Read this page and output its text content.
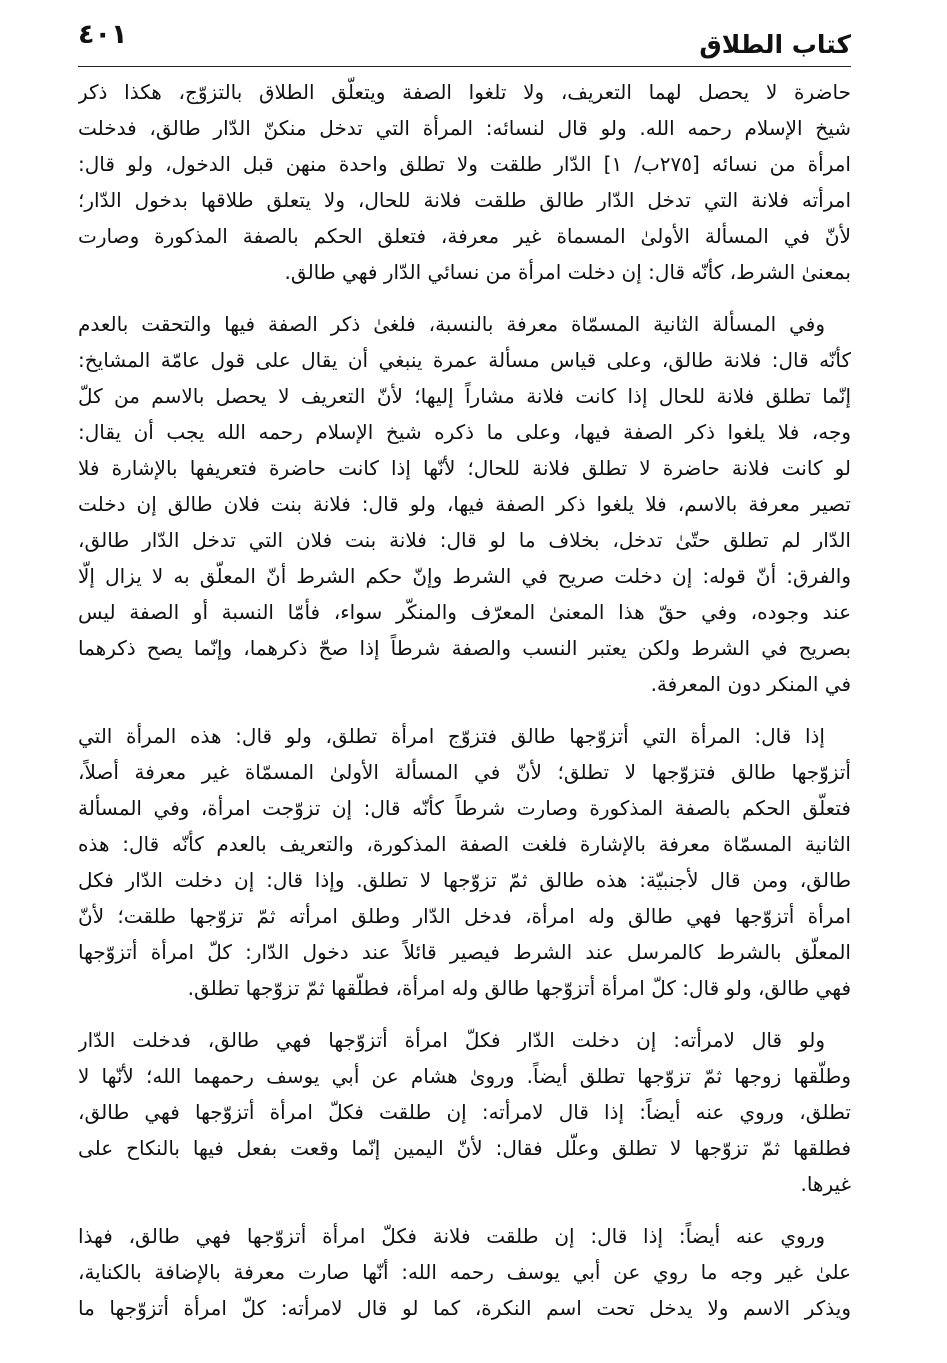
كتاب الطلاق
٤٠١
حاضرة لا يحصل لهما التعريف، ولا تلغوا الصفة ويتعلّق الطلاق بالتزوّج، هكذا ذكر
شيخ الإسلام رحمه الله. ولو قال لنسائه: المرأة التي تدخل منكنّ الدّار طالق، فدخلت
امرأة من نسائه [٢٧٥ب/ ١] الدّار طلقت ولا تطلق واحدة منهن قبل الدخول، ولو قال:
امرأته فلانة التي تدخل الدّار طالق طلقت فلانة للحال، ولا يتعلق طلاقها بدخول الدّار؛
لأنّ في المسألة الأولىٰ المسماة غير معرفة، فتعلق الحكم بالصفة المذكورة وصارت
بمعنىٰ الشرط، كأنّه قال: إن دخلت امرأة من نسائي الدّار فهي طالق.
وفي المسألة الثانية المسمّاة معرفة بالنسبة، فلغىٰ ذكر الصفة فيها والتحقت بالعدم
كأنّه قال: فلانة طالق، وعلى قياس مسألة عمرة ينبغي أن يقال على قول عامّة المشايخ:
إنّما تطلق فلانة للحال إذا كانت فلانة مشاراً إليها؛ لأنّ التعريف لا يحصل بالاسم من كلّ
وجه، فلا يلغوا ذكر الصفة فيها، وعلى ما ذكره شيخ الإسلام رحمه الله يجب أن يقال:
لو كانت فلانة حاضرة لا تطلق فلانة للحال؛ لأنّها إذا كانت حاضرة فتعريفها بالإشارة فلا
تصير معرفة بالاسم، فلا يلغوا ذكر الصفة فيها، ولو قال: فلانة بنت فلان طالق إن دخلت
الدّار لم تطلق حتّىٰ تدخل، بخلاف ما لو قال: فلانة بنت فلان التي تدخل الدّار طالق،
والفرق: أنّ قوله: إن دخلت صريح في الشرط وإنّ حكم الشرط أنّ المعلّق به لا يزال إلّا
عند وجوده، وفي حقّ هذا المعنىٰ المعرّف والمنكّر سواء، فأمّا النسبة أو الصفة ليس
بصريح في الشرط ولكن يعتبر النسب والصفة شرطاً إذا صحّ ذكرهما، وإنّما يصح ذكرهما
في المنكر دون المعرفة.
إذا قال: المرأة التي أتزوّجها طالق فتزوّج امرأة تطلق، ولو قال: هذه المرأة التي
أتزوّجها طالق فتزوّجها لا تطلق؛ لأنّ في المسألة الأولىٰ المسمّاة غير معرفة أصلاً،
فتعلّق الحكم بالصفة المذكورة وصارت شرطاً كأنّه قال: إن تزوّجت امرأة، وفي المسألة
الثانية المسمّاة معرفة بالإشارة فلغت الصفة المذكورة، والتعريف بالعدم كأنّه قال: هذه
طالق، ومن قال لأجنبيّة: هذه طالق ثمّ تزوّجها لا تطلق. وإذا قال: إن دخلت الدّار فكل
امرأة أتزوّجها فهي طالق وله امرأة، فدخل الدّار وطلق امرأته ثمّ تزوّجها طلقت؛ لأنّ
المعلّق بالشرط كالمرسل عند الشرط فيصير قائلاً عند دخول الدّار: كلّ امرأة أتزوّجها
فهي طالق، ولو قال: كلّ امرأة أتزوّجها طالق وله امرأة، فطلّقها ثمّ تزوّجها تطلق.
ولو قال لامرأته: إن دخلت الدّار فكلّ امرأة أتزوّجها فهي طالق، فدخلت الدّار
وطلّقها زوجها ثمّ تزوّجها تطلق أيضاً. وروىٰ هشام عن أبي يوسف رحمهما الله؛ لأنّها لا
تطلق، وروي عنه أيضاً: إذا قال لامرأته: إن طلقت فكلّ امرأة أتزوّجها فهي طالق،
فطلقها ثمّ تزوّجها لا تطلق وعلّل فقال: لأنّ اليمين إنّما وقعت بفعل فيها بالنكاح على
غيرها.
وروي عنه أيضاً: إذا قال: إن طلقت فلانة فكلّ امرأة أتزوّجها فهي طالق، فهذا
علىٰ غير وجه ما روي عن أبي يوسف رحمه الله: أنّها صارت معرفة بالإضافة بالكناية،
ويذكر الاسم ولا يدخل تحت اسم النكرة، كما لو قال لامرأته: كلّ امرأة أتزوّجها ما
